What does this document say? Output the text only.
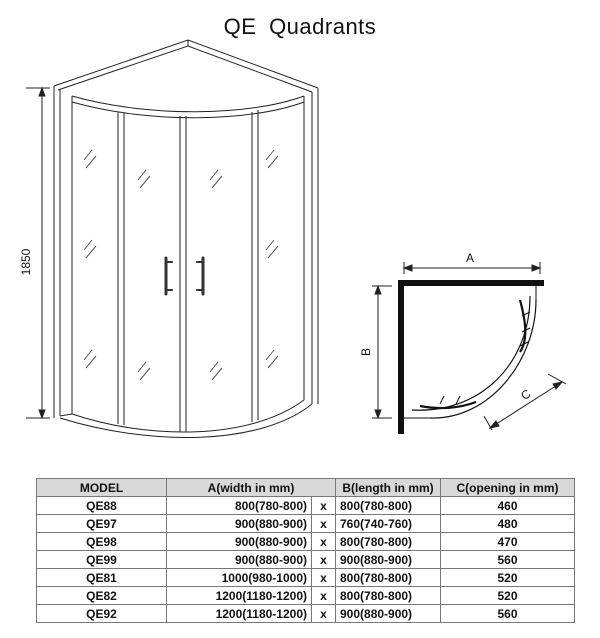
QE Quadrants
1850	A
B
C
MODEL	A(width in mm)		B(length in mm)	C(opening in mm)
QE88	800(780-800)	x	800(780-800)	460
QE97	900(880-900)	x	760(740-760)	480
QE98	900(880-900)	x	800(780-800)	470
QE99	900(880-900)	x	900(880-900)	560
QE81	1000(980-1000)	x	800(780-800)	520
QE82	1200(1180-1200)	x	800(780-800)	520
QE92	1200(1180-1200)	x	900(880-900)	560
